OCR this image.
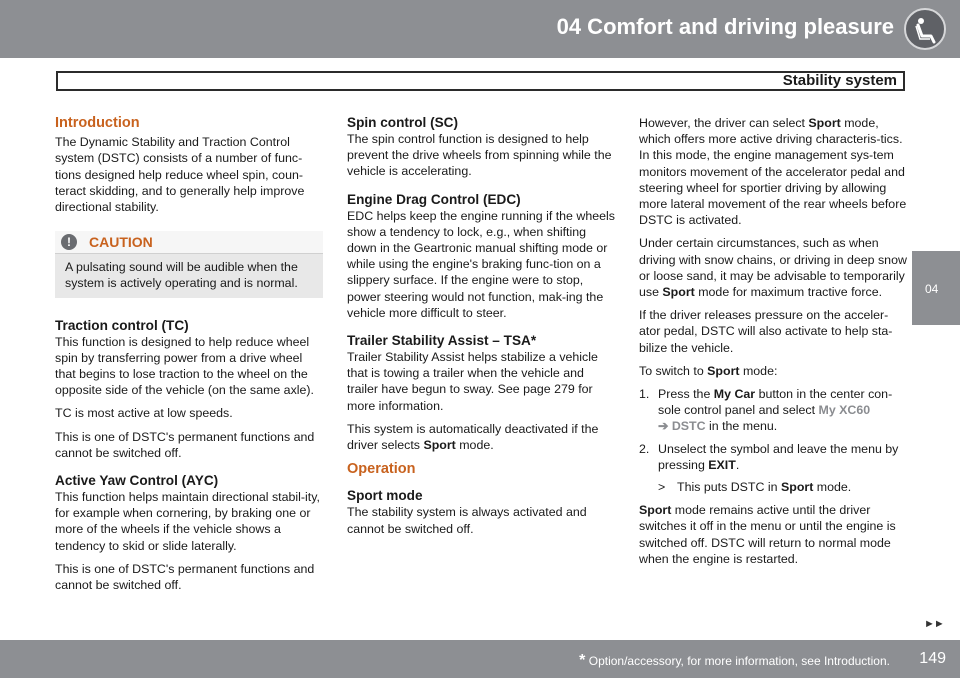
04 Comfort and driving pleasure
Stability system
04
Introduction

The Dynamic Stability and Traction Control system (DSTC) consists of a number of func-tions designed help reduce wheel spin, coun-teract skidding, and to generally help improve directional stability.

!	CAUTION
A pulsating sound will be audible when the system is actively operating and is normal.
Traction control (TC)

This function is designed to help reduce wheel spin by transferring power from a drive wheel that begins to lose traction to the wheel on the opposite side of the vehicle (on the same axle).

TC is most active at low speeds.

This is one of DSTC's permanent functions and cannot be switched off.

Active Yaw Control (AYC)

This function helps maintain directional stabil-ity, for example when cornering, by braking one or more of the wheels if the vehicle shows a tendency to skid or slide laterally.

This is one of DSTC's permanent functions and cannot be switched off.

Spin control (SC)

The spin control function is designed to help prevent the drive wheels from spinning while the vehicle is accelerating.

Engine Drag Control (EDC)

EDC helps keep the engine running if the wheels show a tendency to lock, e.g., when shifting down in the Geartronic manual shifting mode or while using the engine's braking func-tion on a slippery surface. If the engine were to stop, power steering would not function, mak-ing the vehicle more difficult to steer.

Trailer Stability Assist – TSA*

Trailer Stability Assist helps stabilize a vehicle that is towing a trailer when the vehicle and trailer have begun to sway. See page 279 for more information.

This system is automatically deactivated if the driver selects Sport mode.

Operation
Sport mode

The stability system is always activated and cannot be switched off.

However, the driver can select Sport mode, which offers more active driving characteris-tics. In this mode, the engine management sys-tem monitors movement of the accelerator pedal and steering wheel for sportier driving by allowing more lateral movement of the rear wheels before DSTC is activated.

Under certain circumstances, such as when driving with snow chains, or driving in deep snow or loose sand, it may be advisable to temporarily use Sport mode for maximum tractive force.

If the driver releases pressure on the acceler-ator pedal, DSTC will also activate to help sta-bilize the vehicle.

To switch to Sport mode:

1. Press the My Car button in the center con-sole control panel and select My XC60
➔ DSTC in the menu.
2. Unselect the symbol and leave the menu by pressing EXIT.
> This puts DSTC in Sport mode.

Sport mode remains active until the driver switches it off in the menu or until the engine is switched off. DSTC will return to normal mode when the engine is restarted.

►►
* Option/accessory, for more information, see Introduction. 149
